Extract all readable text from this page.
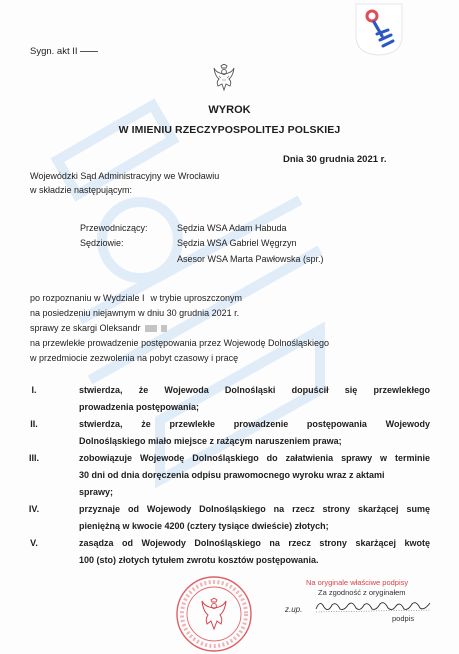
Sygn. akt II
WYROK
W IMIENIU RZECZYPOSPOLITEJ POLSKIEJ
Dnia 30 grudnia 2021 r.
Wojewódzki Sąd Administracyjny we Wrocławiu
w składzie następującym:
Przewodniczący:	Sędzia WSA Adam Habuda
Sędziowie:	Sędzia WSA Gabriel Węgrzyn
Asesor WSA Marta Pawłowska (spr.)
po rozpoznaniu w Wydziale I w trybie uproszczonym
na posiedzeniu niejawnym w dniu 30 grudnia 2021 r.
sprawy ze skargi Oleksandr
na przewlekłe prowadzenie postępowania przez Wojewodę Dolnośląskiego
w przedmiocie zezwolenia na pobyt czasowy i pracę
I.	stwierdza, że Wojewoda Dolnośląski dopuścił się przewlekłego
prowadzenia postępowania;
II.	stwierdza, że przewlekłe prowadzenie postępowania Wojewody
Dolnośląskiego miało miejsce z rażącym naruszeniem prawa;
III.	zobowiązuje Wojewodę Dolnośląskiego do załatwienia sprawy w terminie
30 dni od dnia doręczenia odpisu prawomocnego wyroku wraz z aktami
sprawy;
IV.	przyznaje od Wojewody Dolnośląskiego na rzecz strony skarżącej sumę
pieniężną w kwocie 4200 (cztery tysiące dwieście) złotych;
V.	zasądza od Wojewody Dolnośląskiego na rzecz strony skarżącej kwotę
100 (sto) złotych tytułem zwrotu kosztów postępowania.
Na oryginale właściwe podpisy
Za zgodność z oryginałem
z.up.
podpis
